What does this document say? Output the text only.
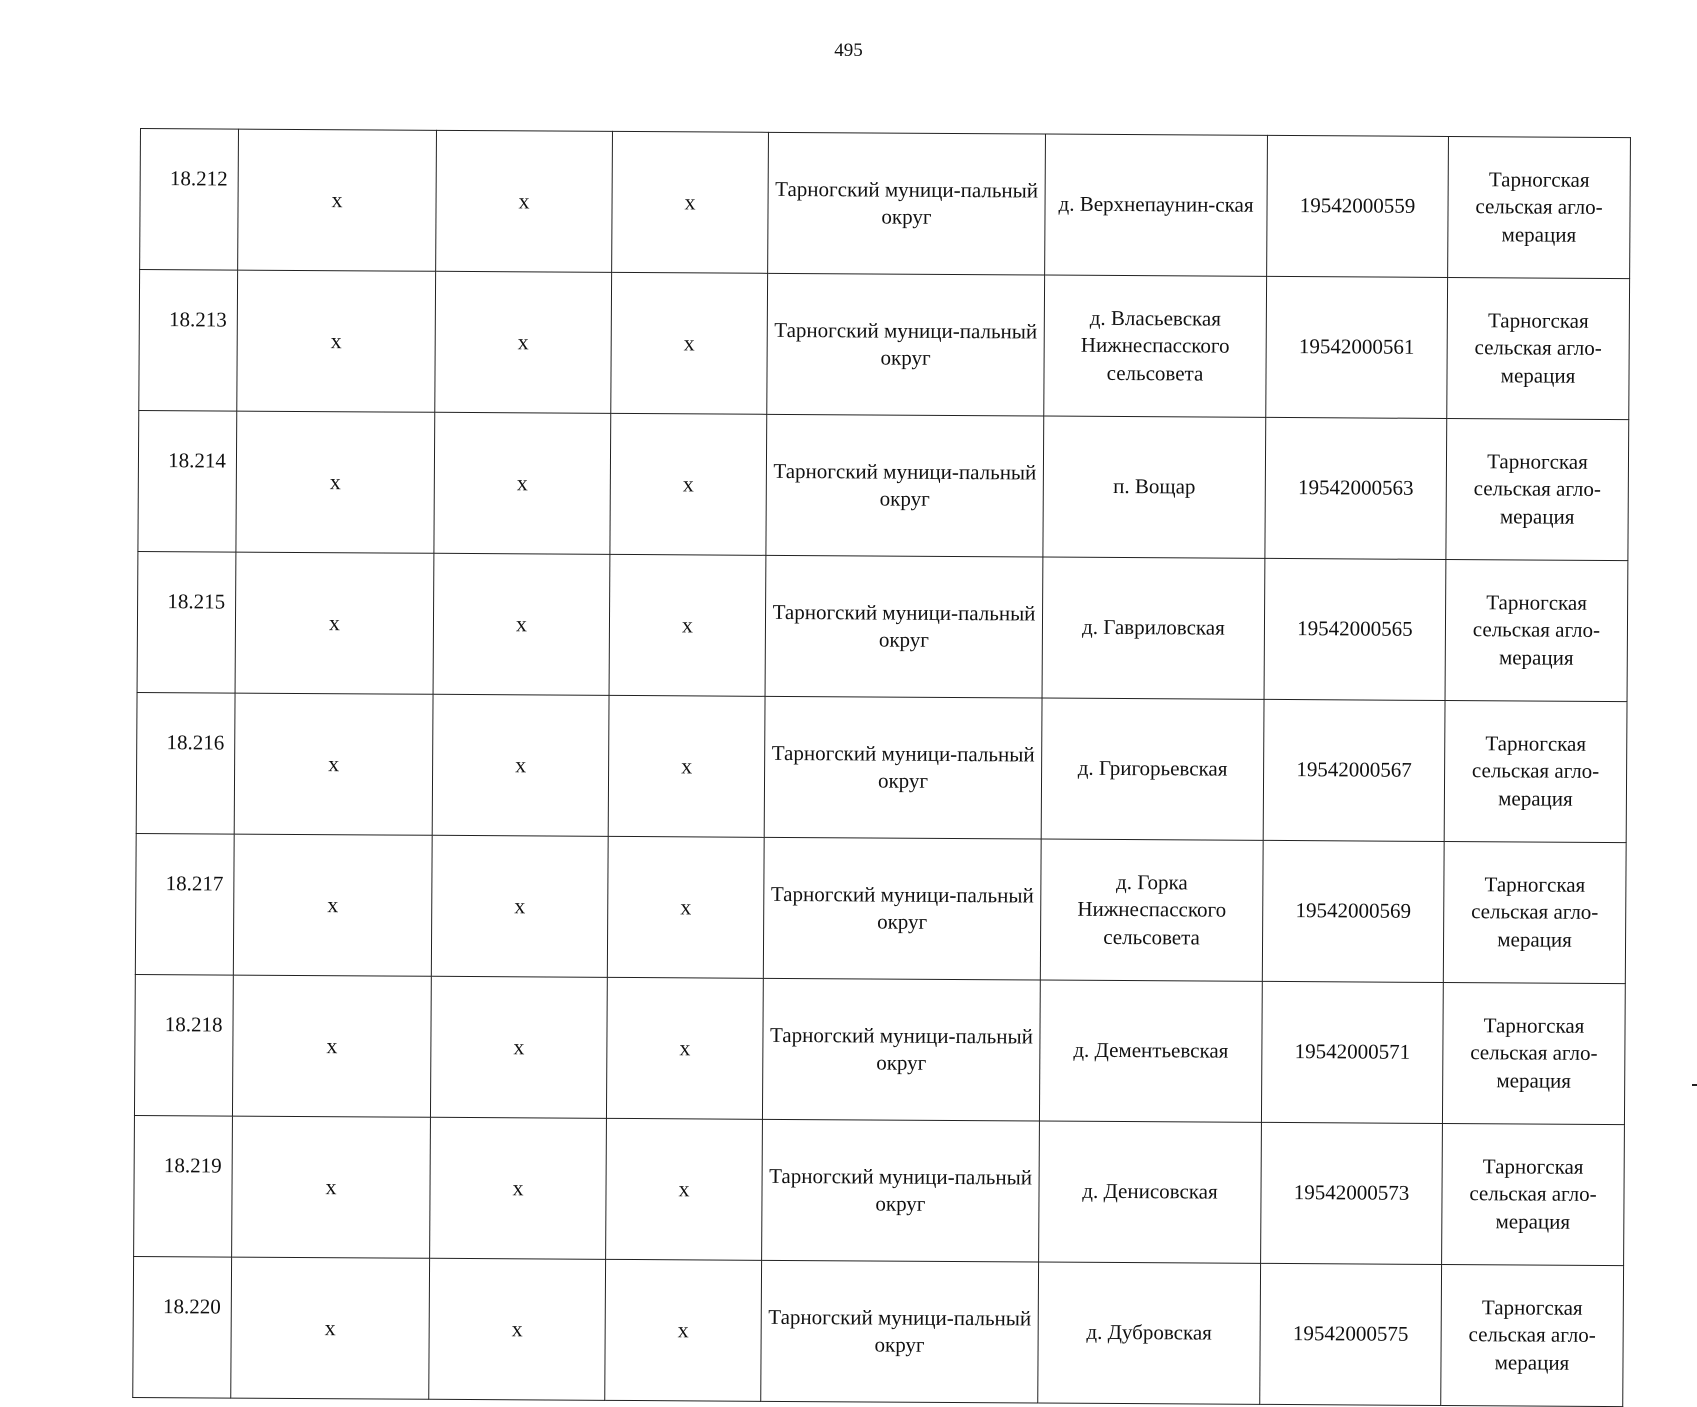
495
18.212	х	х	х	Тарногский муници-пальный округ	д. Верхнепаунин-ская	19542000559	Тарногская сельская агло-мерация
18.213	х	х	х	Тарногский муници-пальный округ	д. Власьевская Нижнеспасского сельсовета	19542000561	Тарногская сельская агло-мерация
18.214	х	х	х	Тарногский муници-пальный округ	п. Вощар	19542000563	Тарногская сельская агло-мерация
18.215	х	х	х	Тарногский муници-пальный округ	д. Гавриловская	19542000565	Тарногская сельская агло-мерация
18.216	х	х	х	Тарногский муници-пальный округ	д. Григорьевская	19542000567	Тарногская сельская агло-мерация
18.217	х	х	х	Тарногский муници-пальный округ	д. Горка Нижнеспасского сельсовета	19542000569	Тарногская сельская агло-мерация
18.218	х	х	х	Тарногский муници-пальный округ	д. Дементьевская	19542000571	Тарногская сельская агло-мерация
18.219	х	х	х	Тарногский муници-пальный округ	д. Денисовская	19542000573	Тарногская сельская агло-мерация
18.220	х	х	х	Тарногский муници-пальный округ	д. Дубровская	19542000575	Тарногская сельская агло-мерация
